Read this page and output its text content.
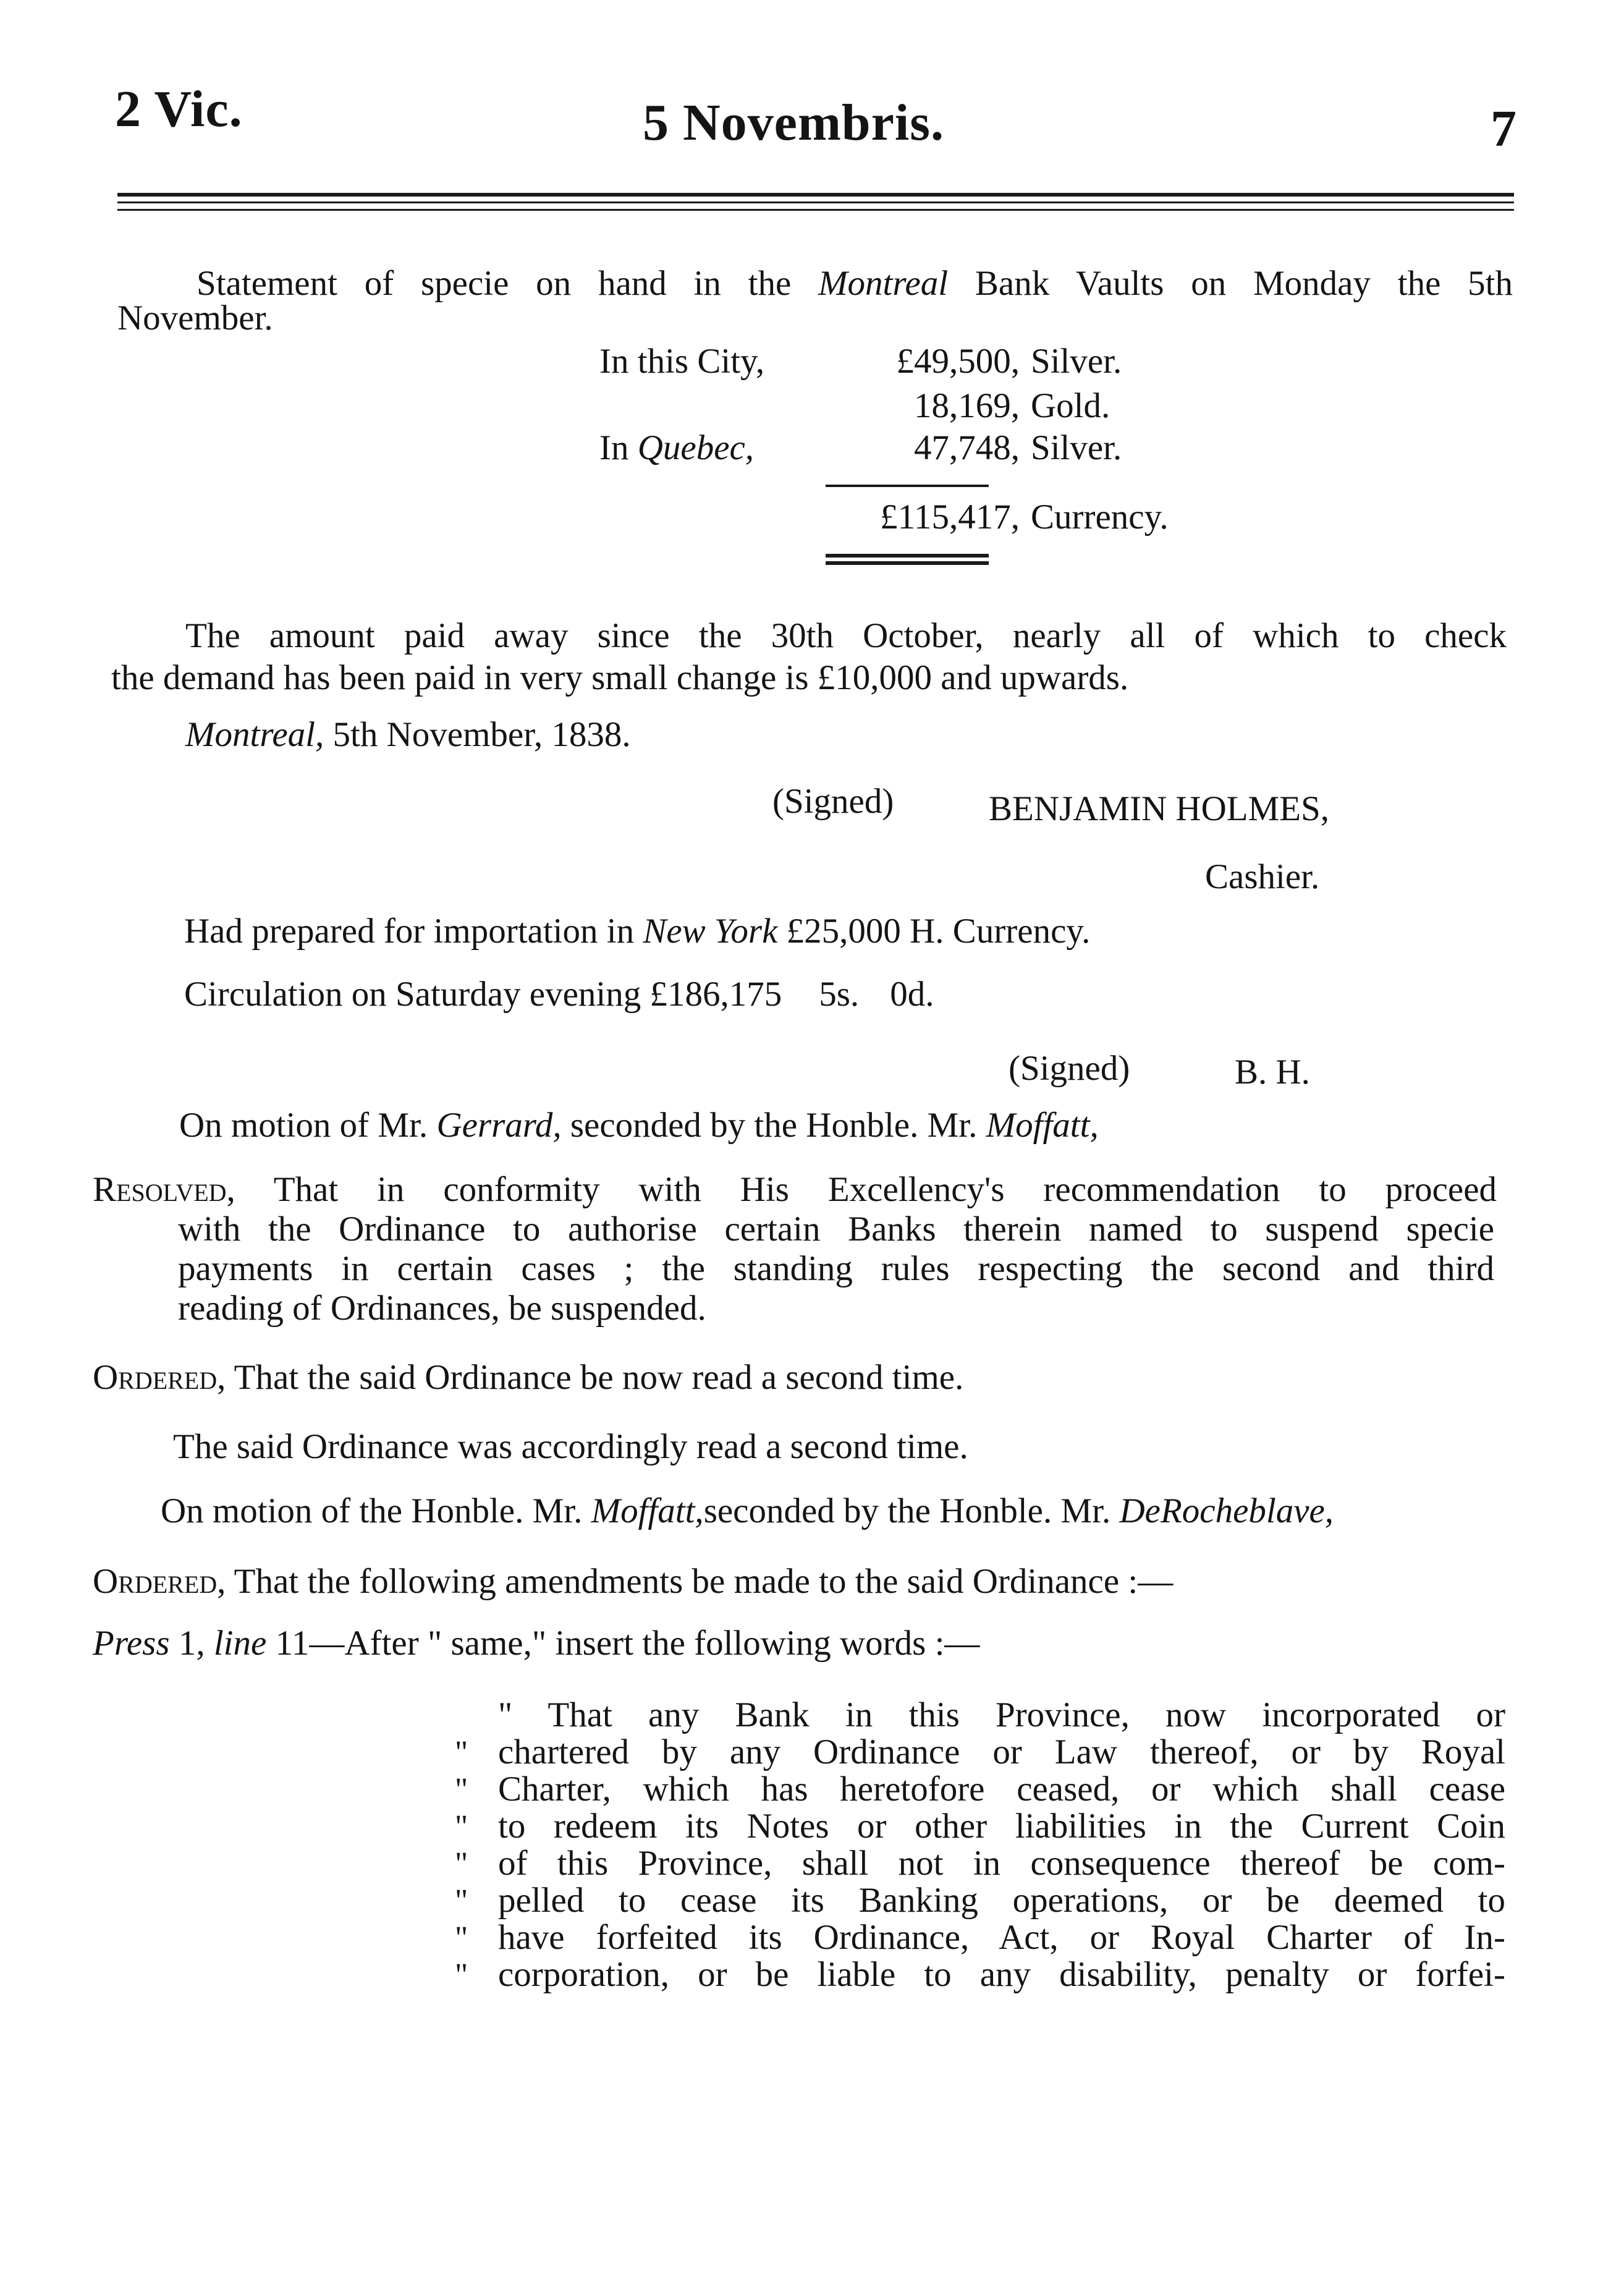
2 Vic.	5 Novembris.	7
Statement of specie on hand in the Montreal Bank Vaults on Monday the 5th
November.
In this City,	£49,500, Silver.
18,169, Gold.
In Quebec,	47,748, Silver.
£115,417, Currency.
The amount paid away since the 30th October, nearly all of which to check
the demand has been paid in very small change is £10,000 and upwards.
Montreal, 5th November, 1838.
(Signed)	BENJAMIN HOLMES,
Cashier.
Had prepared for importation in New York £25,000 H. Currency.
Circulation on Saturday evening £186,175 5s. 0d.
(Signed)	B. H.
On motion of Mr. Gerrard, seconded by the Honble. Mr. Moffatt,
Resolved, That in conformity with His Excellency's recommendation to proceed
with the Ordinance to authorise certain Banks therein named to suspend specie
payments in certain cases ; the standing rules respecting the second and third
reading of Ordinances, be suspended.
Ordered, That the said Ordinance be now read a second time.
The said Ordinance was accordingly read a second time.
On motion of the Honble. Mr. Moffatt,seconded by the Honble. Mr. DeRocheblave,
Ordered, That the following amendments be made to the said Ordinance :—
Press 1, line 11—After " same," insert the following words :—
" That any Bank in this Province, now incorporated or
" chartered by any Ordinance or Law thereof, or by Royal
" Charter, which has heretofore ceased, or which shall cease
" to redeem its Notes or other liabilities in the Current Coin
" of this Province, shall not in consequence thereof be com-
" pelled to cease its Banking operations, or be deemed to
" have forfeited its Ordinance, Act, or Royal Charter of In-
" corporation, or be liable to any disability, penalty or forfei-
